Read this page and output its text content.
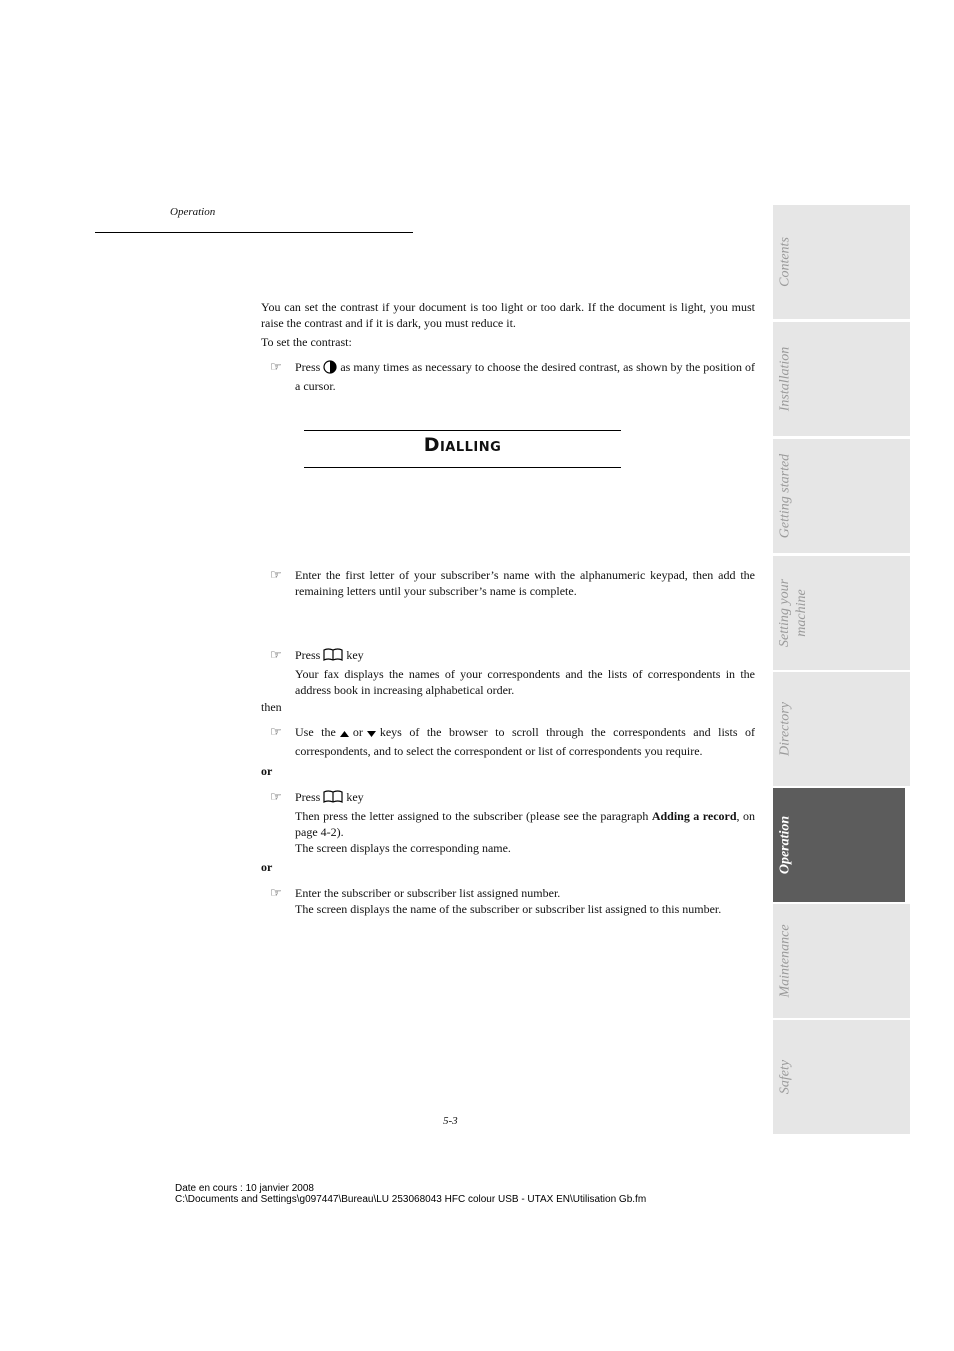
Operation
You can set the contrast if your document is too light or too dark. If the document is light, you must raise the contrast and if it is dark, you must reduce it.
To set the contrast:
☞ Press as many times as necessary to choose the desired contrast, as shown by the position of a cursor.
Dialling
☞ Enter the first letter of your subscriber’s name with the alphanumeric keypad, then add the remaining letters until your subscriber’s name is complete.
☞ Press key
Your fax displays the names of your correspondents and the lists of correspondents in the address book in increasing alphabetical order.
then
☞ Use the or keys of the browser to scroll through the correspondents and lists of correspondents, and to select the correspondent or list of correspondents you require.
or
☞ Press key
Then press the letter assigned to the subscriber (please see the paragraph Adding a record, on page 4-2).
The screen displays the corresponding name.
or
☞ Enter the subscriber or subscriber list assigned number.
The screen displays the name of the subscriber or subscriber list assigned to this number.
5-3
Date en cours : 10 janvier 2008
C:\Documents and Settings\g097447\Bureau\LU 253068043 HFC colour USB - UTAX EN\Utilisation Gb.fm
Contents
Installation
Getting started
Setting your
machine
Directory
Operation
Maintenance
Safety
